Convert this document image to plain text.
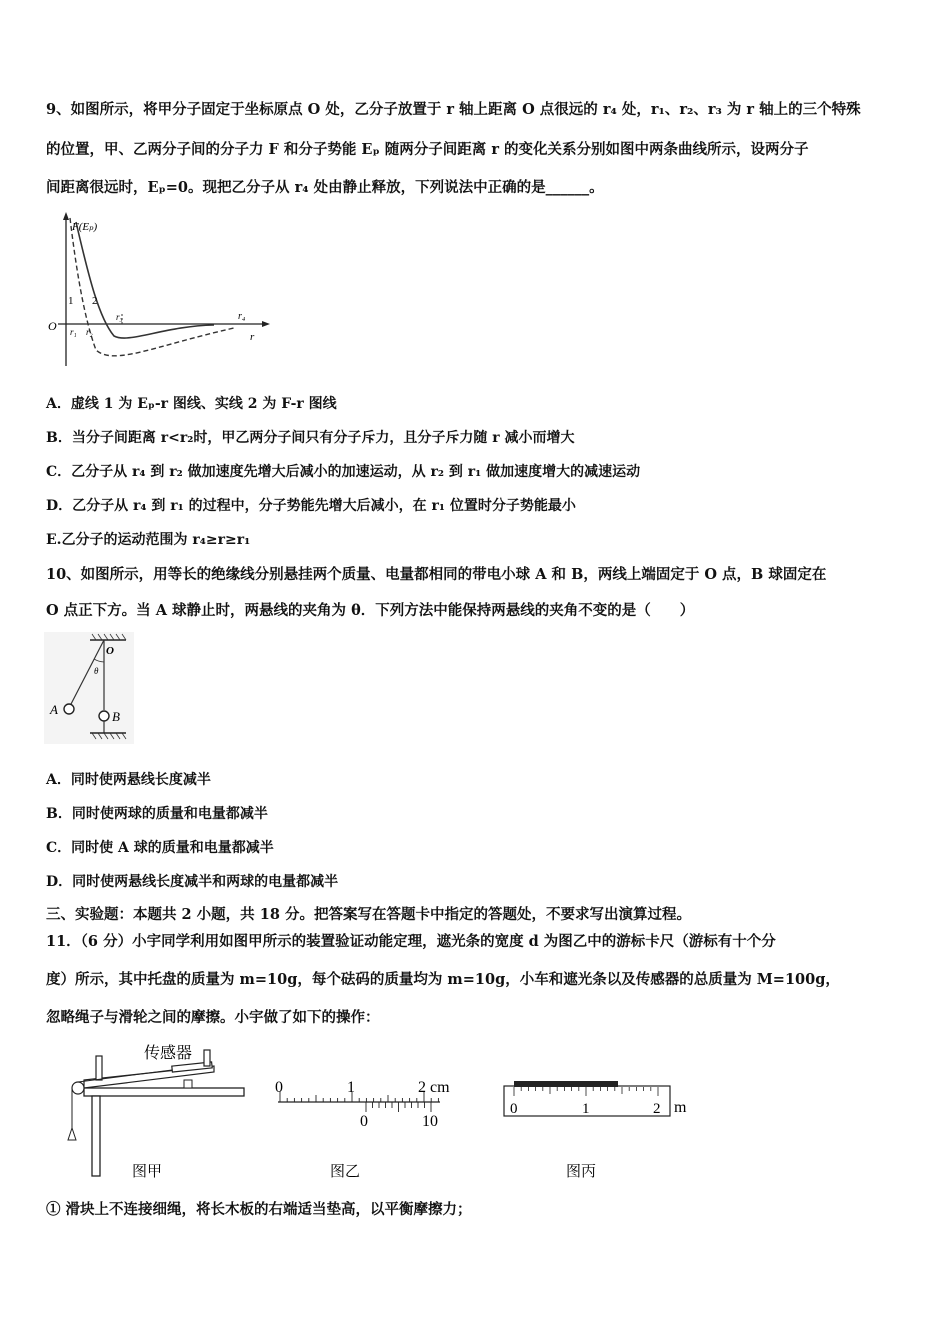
9、如图所示，将甲分子固定于坐标原点 O 处，乙分子放置于 r 轴上距离 O 点很远的 r₄ 处，r₁、r₂、r₃ 为 r 轴上的三个特殊
的位置，甲、乙两分子间的分子力 F 和分子势能 Eₚ 随两分子间距离 r 的变化关系分别如图中两条曲线所示，设两分子
间距离很远时，Eₚ=0。现把乙分子从 r₄ 处由静止释放，下列说法中正确的是______。
F(Eₚ)
O
1 2
r₁ r₂
r₃	r₄
r
A．虚线 1 为 Eₚ-r 图线、实线 2 为 F-r 图线
B．当分子间距离 r<r₂时，甲乙两分子间只有分子斥力，且分子斥力随 r 减小而增大
C．乙分子从 r₄ 到 r₂ 做加速度先增大后减小的加速运动，从 r₂ 到 r₁ 做加速度增大的减速运动
D．乙分子从 r₄ 到 r₁ 的过程中，分子势能先增大后减小，在 r₁ 位置时分子势能最小
E.乙分子的运动范围为 r₄≥r≥r₁
10、如图所示，用等长的绝缘线分别悬挂两个质量、电量都相同的带电小球 A 和 B，两线上端固定于 O 点，B 球固定在
O 点正下方。当 A 球静止时，两悬线的夹角为 θ．下列方法中能保持两悬线的夹角不变的是（　　）
O
θ
A	B
A．同时使两悬线长度减半
B．同时使两球的质量和电量都减半
C．同时使 A 球的质量和电量都减半
D．同时使两悬线长度减半和两球的电量都减半
三、实验题：本题共 2 小题，共 18 分。把答案写在答题卡中指定的答题处，不要求写出演算过程。
11．（6 分）小宇同学利用如图甲所示的装置验证动能定理，遮光条的宽度 d 为图乙中的游标卡尺（游标有十个分
度）所示，其中托盘的质量为 m=10g，每个砝码的质量均为 m=10g，小车和遮光条以及传感器的总质量为 M=100g，
忽略绳子与滑轮之间的摩擦。小宇做了如下的操作：
传感器
图甲
0	1	2 cm
0	10
图乙
0	1	2 m
图丙
① 滑块上不连接细绳，将长木板的右端适当垫高，以平衡摩擦力；
